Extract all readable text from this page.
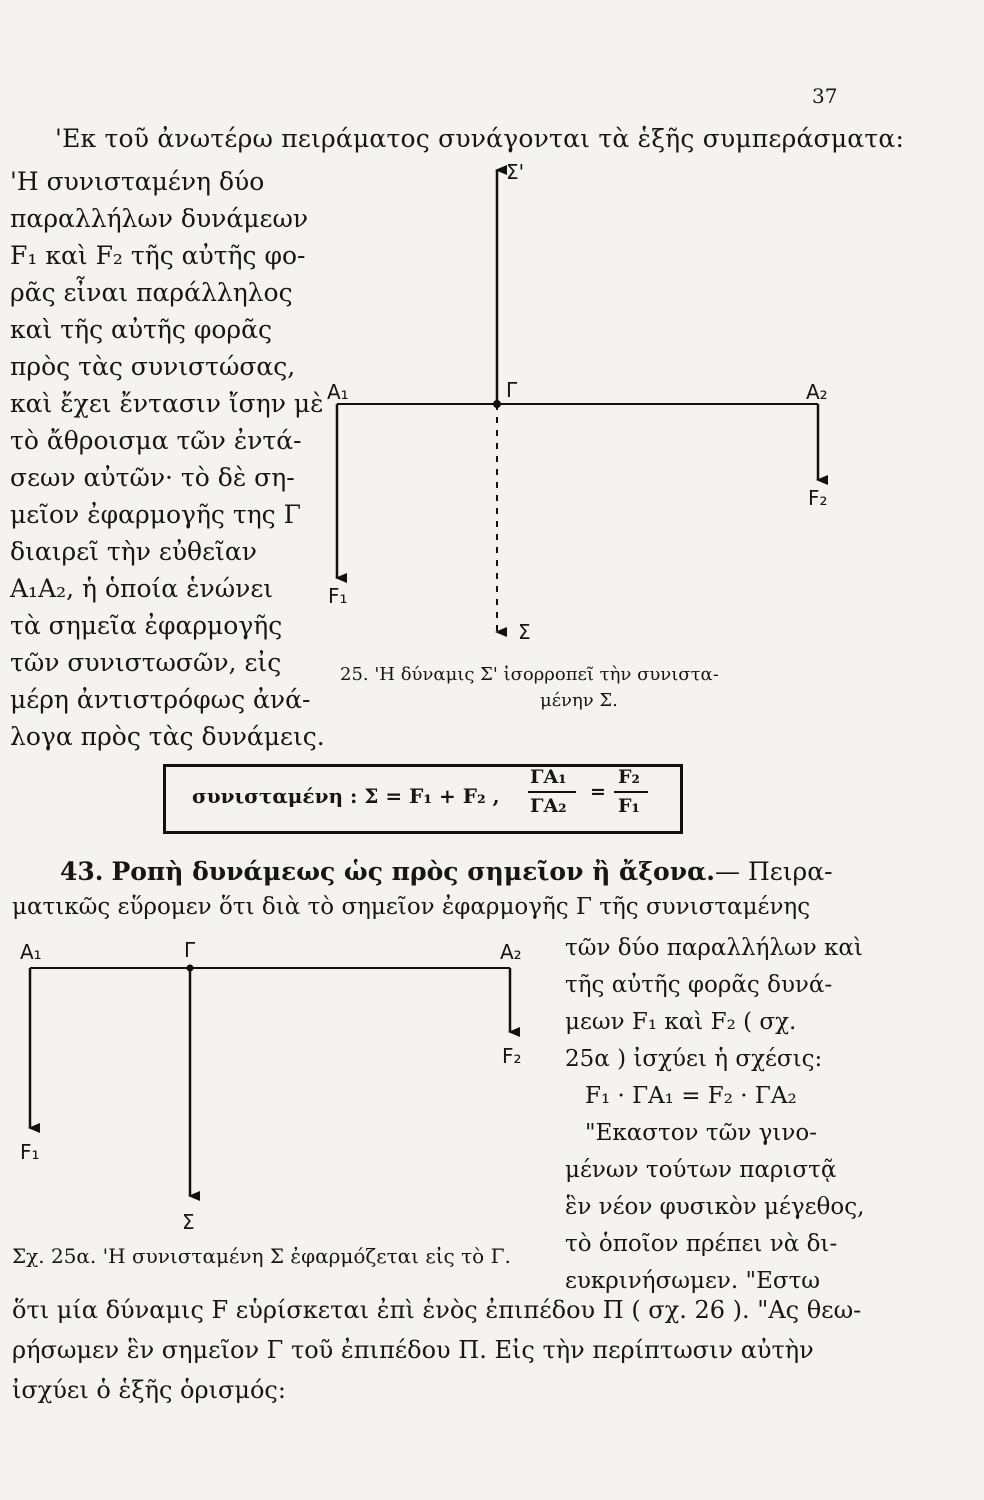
37
'Εκ τοῦ ἀνωτέρω πειράματος συνάγονται τὰ ἑξῆς συμπεράσματα:
'Η συνισταμένη δύο
παραλλήλων δυνάμεων
F₁ καὶ F₂ τῆς αὐτῆς φο-
ρᾶς εἶναι παράλληλος
καὶ τῆς αὐτῆς φορᾶς
πρὸς τὰς συνιστώσας,
καὶ ἔχει ἔντασιν ἴσην μὲ
τὸ ἄθροισμα τῶν ἐντά-
σεων αὐτῶν· τὸ δὲ ση-
μεῖον ἐφαρμογῆς της Γ
διαιρεῖ τὴν εὐθεῖαν
A₁A₂, ἡ ὁποία ἑνώνει
τὰ σημεῖα ἐφαρμογῆς
τῶν συνιστωσῶν, εἰς
μέρη ἀντιστρόφως ἀνά-
λογα πρὸς τὰς δυνάμεις.
Σ'
A₁	Γ	A₂
F₂
F₁
Σ
25. 'Η δύναμις Σ' ἰσορροπεῖ τὴν συνιστα-
μένην Σ.
συνισταμένη : Σ = F₁ + F₂ ,
ΓΑ₁
ΓΑ₂
=
F₂
F₁
43. Ροπὴ δυνάμεως ὡς πρὸς σημεῖον ἢ ἄξονα.— Πειρα-
ματικῶς εὕρομεν ὅτι διὰ τὸ σημεῖον ἐφαρμογῆς Γ τῆς συνισταμένης
A₁	Γ	A₂
F₂
F₁
Σ
τῶν δύο παραλλήλων καὶ
τῆς αὐτῆς φορᾶς δυνά-
μεων F₁ καὶ F₂ ( σχ.
25α ) ἰσχύει ἡ σχέσις:
F₁ · ΓΑ₁ = F₂ · ΓΑ₂
"Εκαστον τῶν γινο-
μένων τούτων παριστᾷ
ἓν νέον φυσικὸν μέγεθος,
τὸ ὁποῖον πρέπει νὰ δι-
ευκρινήσωμεν. "Εστω
Σχ. 25α. 'Η συνισταμένη Σ ἐφαρμόζεται εἰς τὸ Γ.
ὅτι μία δύναμις F εὑρίσκεται ἐπὶ ἑνὸς ἐπιπέδου Π ( σχ. 26 ). "Ας θεω-
ρήσωμεν ἓν σημεῖον Γ τοῦ ἐπιπέδου Π. Εἰς τὴν περίπτωσιν αὐτὴν
ἰσχύει ὁ ἑξῆς ὁρισμός:
